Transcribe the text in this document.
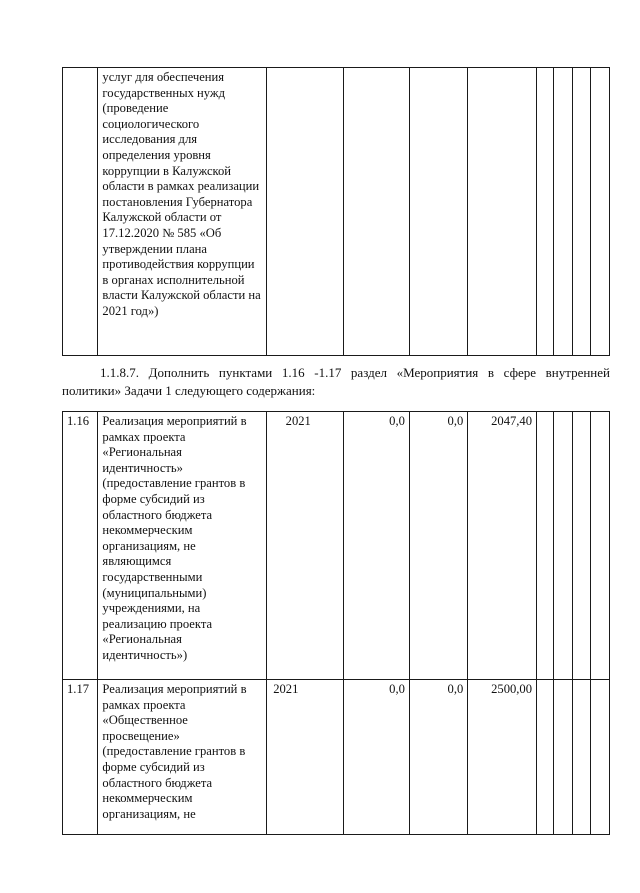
	услуг для обеспечения государственных нужд (проведение социологического исследования для определения уровня коррупции в Калужской области в рамках реализации постановления Губернатора Калужской области от 17.12.2020 № 585 «Об утверждении плана противодействия коррупции в органах исполнительной власти Калужской области на 2021 год»)								
1.1.8.7. Дополнить пунктами 1.16 -1.17 раздел «Мероприятия в сфере внутренней
политики» Задачи 1 следующего содержания:
1.16	Реализация мероприятий в рамках проекта «Региональная идентичность» (предоставление грантов в форме субсидий из областного бюджета некоммерческим организациям, не являющимся государственными (муниципальными) учреждениями, на реализацию проекта «Региональная идентичность»)	2021	0,0	0,0	2047,40				
1.17	Реализация мероприятий в рамках проекта «Общественное просвещение» (предоставление грантов в форме субсидий из областного бюджета некоммерческим организациям, не	2021	0,0	0,0	2500,00				
